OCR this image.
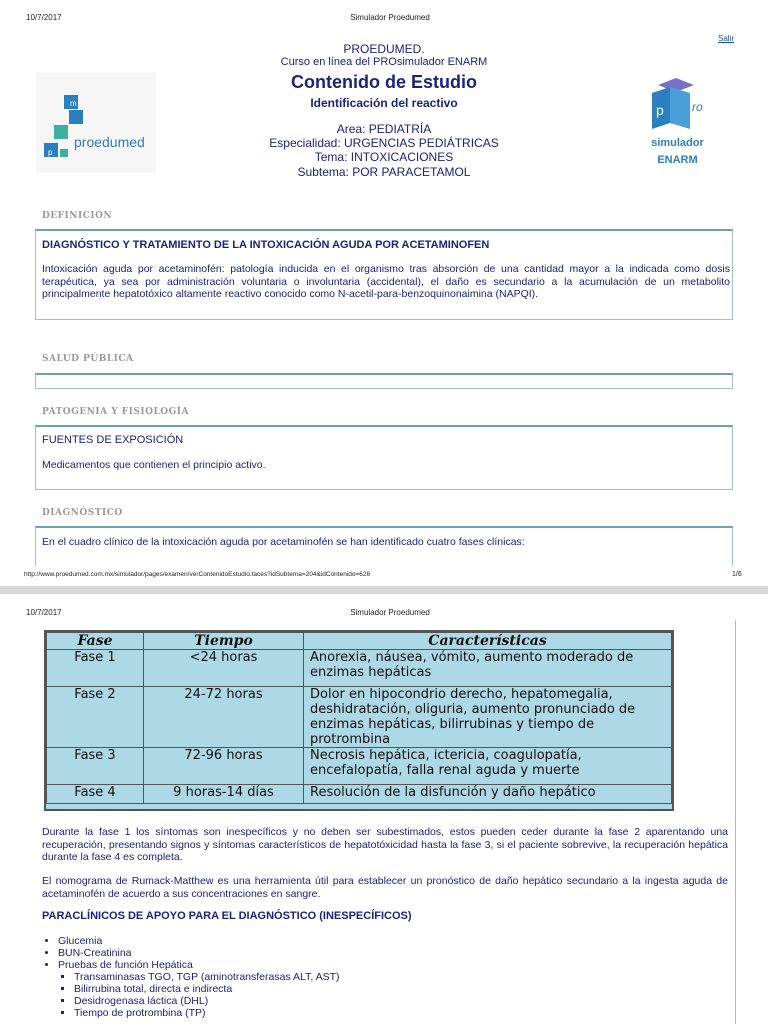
10/7/2017	Simulador Proedumed
Salir
m
p
proedumed
PROEDUMED.
Curso en línea del PROsimulador ENARM
Contenido de Estudio
Identificación del reactivo
Area: PEDIATRÍA
Especialidad: URGENCIAS PEDIÁTRICAS
Tema: INTOXICACIONES
Subtema: POR PARACETAMOL
p ro
simulador
ENARM
DEFINICIÓN
DIAGNÓSTICO Y TRATAMIENTO DE LA INTOXICACIÓN AGUDA POR ACETAMINOFEN
Intoxicación aguda por acetaminofén: patología inducida en el organismo tras absorción de una cantidad mayor a la indicada como dosis terapéutica, ya sea por administración voluntaria o involuntaria (accidental), el daño es secundario a la acumulación de un metabolito principalmente hepatotóxico altamente reactivo conocido como N-acetil-para-benzoquinonaimina (NAPQI).
SALUD PÚBLICA
PATOGENIA Y FISIOLOGÍA
FUENTES DE EXPOSICIÓN
Medicamentos que contienen el principio activo.
DIAGNÓSTICO
En el cuadro clínico de la intoxicación aguda por acetaminofén se han identificado cuatro fases clínicas:
http://www.proedumed.com.mx/simulador/pages/examen/verContenidoEstudio.faces?idSubtema=204&idContenido=626	1/6
10/7/2017	Simulador Proedumed
Fase	Tiempo	Características
Fase 1	<24 horas	Anorexia, náusea, vómito, aumento moderado de enzimas hepáticas
Fase 2	24-72 horas	Dolor en hipocondrio derecho, hepatomegalia, deshidratación, oliguria, aumento pronunciado de enzimas hepáticas, bilirrubinas y tiempo de protrombina
Fase 3	72-96 horas	Necrosis hepática, ictericia, coagulopatía, encefalopatía, falla renal aguda y muerte
Fase 4	9 horas-14 días	Resolución de la disfunción y daño hepático
Durante la fase 1 los síntomas son inespecíficos y no deben ser subestimados, estos pueden ceder durante la fase 2 aparentando una recuperación, presentando signos y síntomas característicos de hepatotóxicidad hasta la fase 3, si el paciente sobrevive, la recuperación hepática durante la fase 4 es completa.
El nomograma de Rumack-Matthew es una herramienta útil para establecer un pronóstico de daño hepático secundario a la ingesta aguda de acetaminofén de acuerdo a sus concentraciones en sangre.
PARACLÍNICOS DE APOYO PARA EL DIAGNÓSTICO (INESPECÍFICOS)
• Glucemia
• BUN-Creatinina
• Pruebas de función Hepática
▪ Transaminasas TGO, TGP (aminotransferasas ALT, AST)
▪ Bilirrubina total, directa e indirecta
▪ Desidrogenasa láctica (DHL)
▪ Tiempo de protrombina (TP)
